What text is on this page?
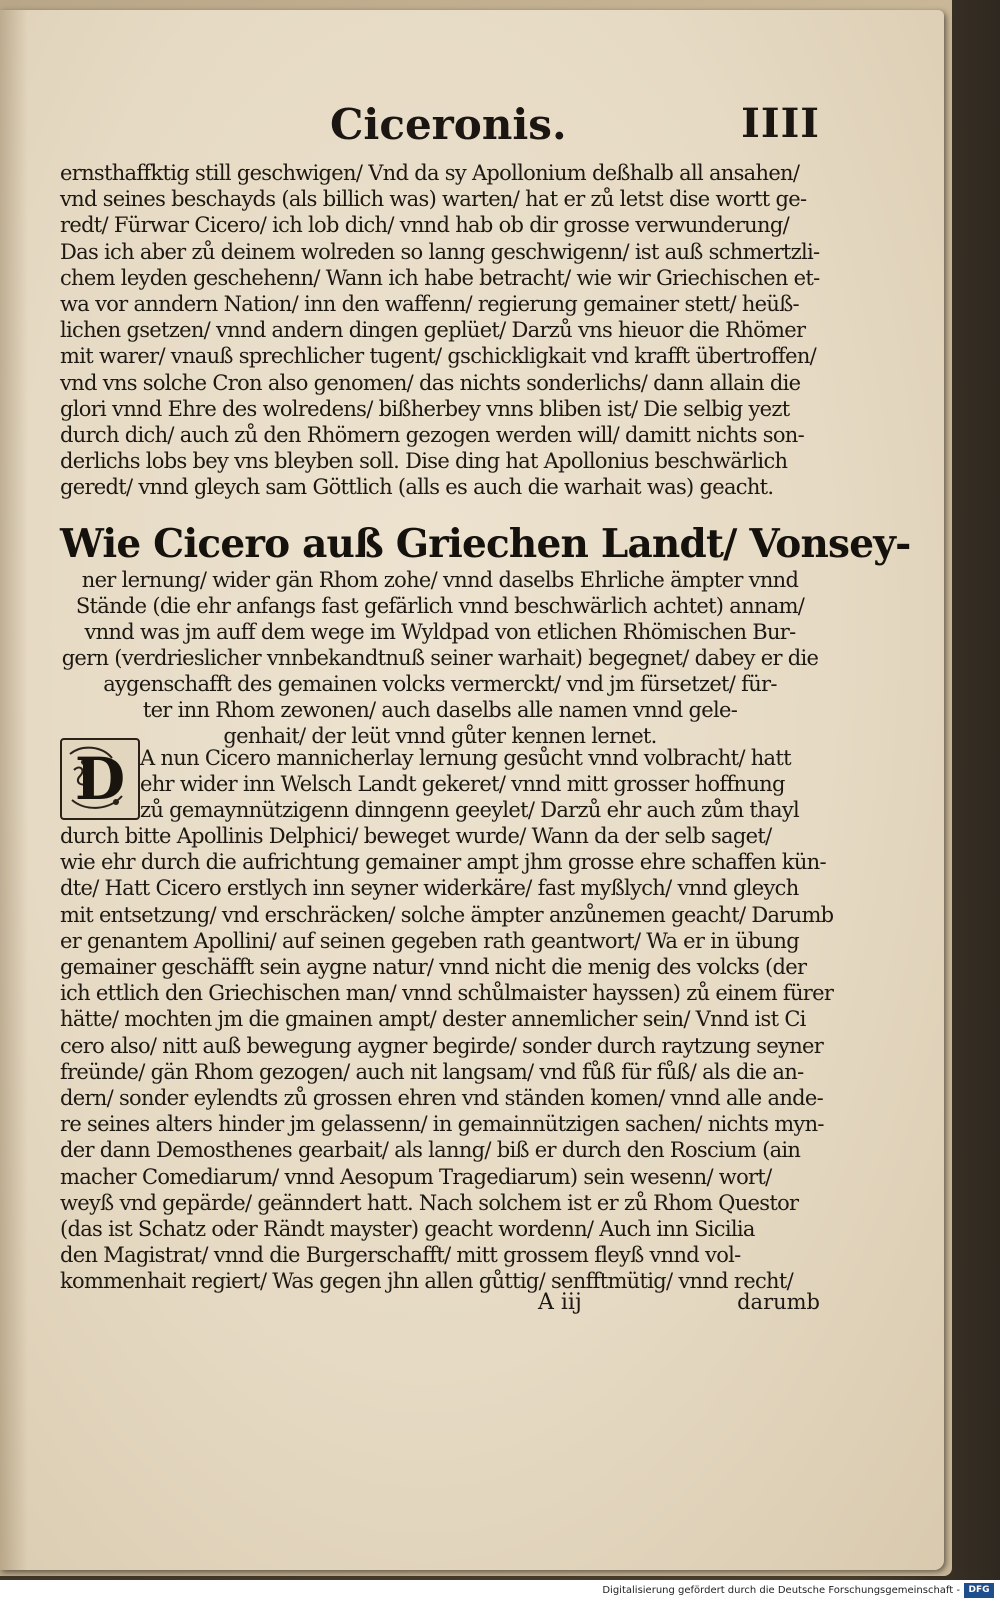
Ciceronis.	IIII
ernsthaffktig still geschwigen/ Vnd da sy Apollonium deßhalb all ansahen/
vnd seines beschayds (als billich was) warten/ hat er zů letst dise wortt ge-
redt/ Fürwar Cicero/ ich lob dich/ vnnd hab ob dir grosse verwunderung/
Das ich aber zů deinem wolreden so lanng geschwigenn/ ist auß schmertzli-
chem leyden geschehenn/ Wann ich habe betracht/ wie wir Griechischen et-
wa vor anndern Nation/ inn den waffenn/ regierung gemainer stett/ heüß-
lichen gsetzen/ vnnd andern dingen geplüet/ Darzů vns hieuor die Rhömer
mit warer/ vnauß sprechlicher tugent/ gschickligkait vnd krafft übertroffen/
vnd vns solche Cron also genomen/ das nichts sonderlichs/ dann allain die
glori vnnd Ehre des wolredens/ bißherbey vnns bliben ist/ Die selbig yezt
durch dich/ auch zů den Rhömern gezogen werden will/ damitt nichts son-
derlichs lobs bey vns bleyben soll. Dise ding hat Apollonius beschwärlich
geredt/ vnnd gleych sam Göttlich (alls es auch die warhait was) geacht.
Wie Cicero auß Griechen Landt/ Vonsey-
ner lernung/ wider gän Rhom zohe/ vnnd daselbs Ehrliche ämpter vnnd
Stände (die ehr anfangs fast gefärlich vnnd beschwärlich achtet) annam/
vnnd was jm auff dem wege im Wyldpad von etlichen Rhömischen Bur-
gern (verdrieslicher vnnbekandtnuß seiner warhait) begegnet/ dabey er die
aygenschafft des gemainen volcks vermerckt/ vnd jm fürsetzet/ für-
ter inn Rhom zewonen/ auch daselbs alle namen vnnd gele-
genhait/ der leüt vnnd gůter kennen lernet.
D A nun Cicero mannicherlay lernung gesůcht vnnd volbracht/ hatt
ehr wider inn Welsch Landt gekeret/ vnnd mitt grosser hoffnung
zů gemaynnützigenn dinngenn geeylet/ Darzů ehr auch zům thayl
durch bitte Apollinis Delphici/ beweget wurde/ Wann da der selb saget/
wie ehr durch die aufrichtung gemainer ampt jhm grosse ehre schaffen kün-
dte/ Hatt Cicero erstlych inn seyner widerkäre/ fast myßlych/ vnnd gleych
mit entsetzung/ vnd erschräcken/ solche ämpter anzůnemen geacht/ Darumb
er genantem Apollini/ auf seinen gegeben rath geantwort/ Wa er in übung
gemainer geschäfft sein aygne natur/ vnnd nicht die menig des volcks (der
ich ettlich den Griechischen man/ vnnd schůlmaister hayssen) zů einem fürer
hätte/ mochten jm die gmainen ampt/ dester annemlicher sein/ Vnnd ist Ci
cero also/ nitt auß bewegung aygner begirde/ sonder durch raytzung seyner
freünde/ gän Rhom gezogen/ auch nit langsam/ vnd fůß für fůß/ als die an-
dern/ sonder eylendts zů grossen ehren vnd ständen komen/ vnnd alle ande-
re seines alters hinder jm gelassenn/ in gemainnützigen sachen/ nichts myn-
der dann Demosthenes gearbait/ als lanng/ biß er durch den Roscium (ain
macher Comediarum/ vnnd Aesopum Tragediarum) sein wesenn/ wort/
weyß vnd gepärde/ geänndert hatt. Nach solchem ist er zů Rhom Questor
(das ist Schatz oder Rändt mayster) geacht wordenn/ Auch inn Sicilia
den Magistrat/ vnnd die Burgerschafft/ mitt grossem fleyß vnnd vol-
kommenhait regiert/ Was gegen jhn allen gůttig/ senfftmütig/ vnnd recht/
A iij	darumb
Digitalisierung gefördert durch die Deutsche Forschungsgemeinschaft - DFG
